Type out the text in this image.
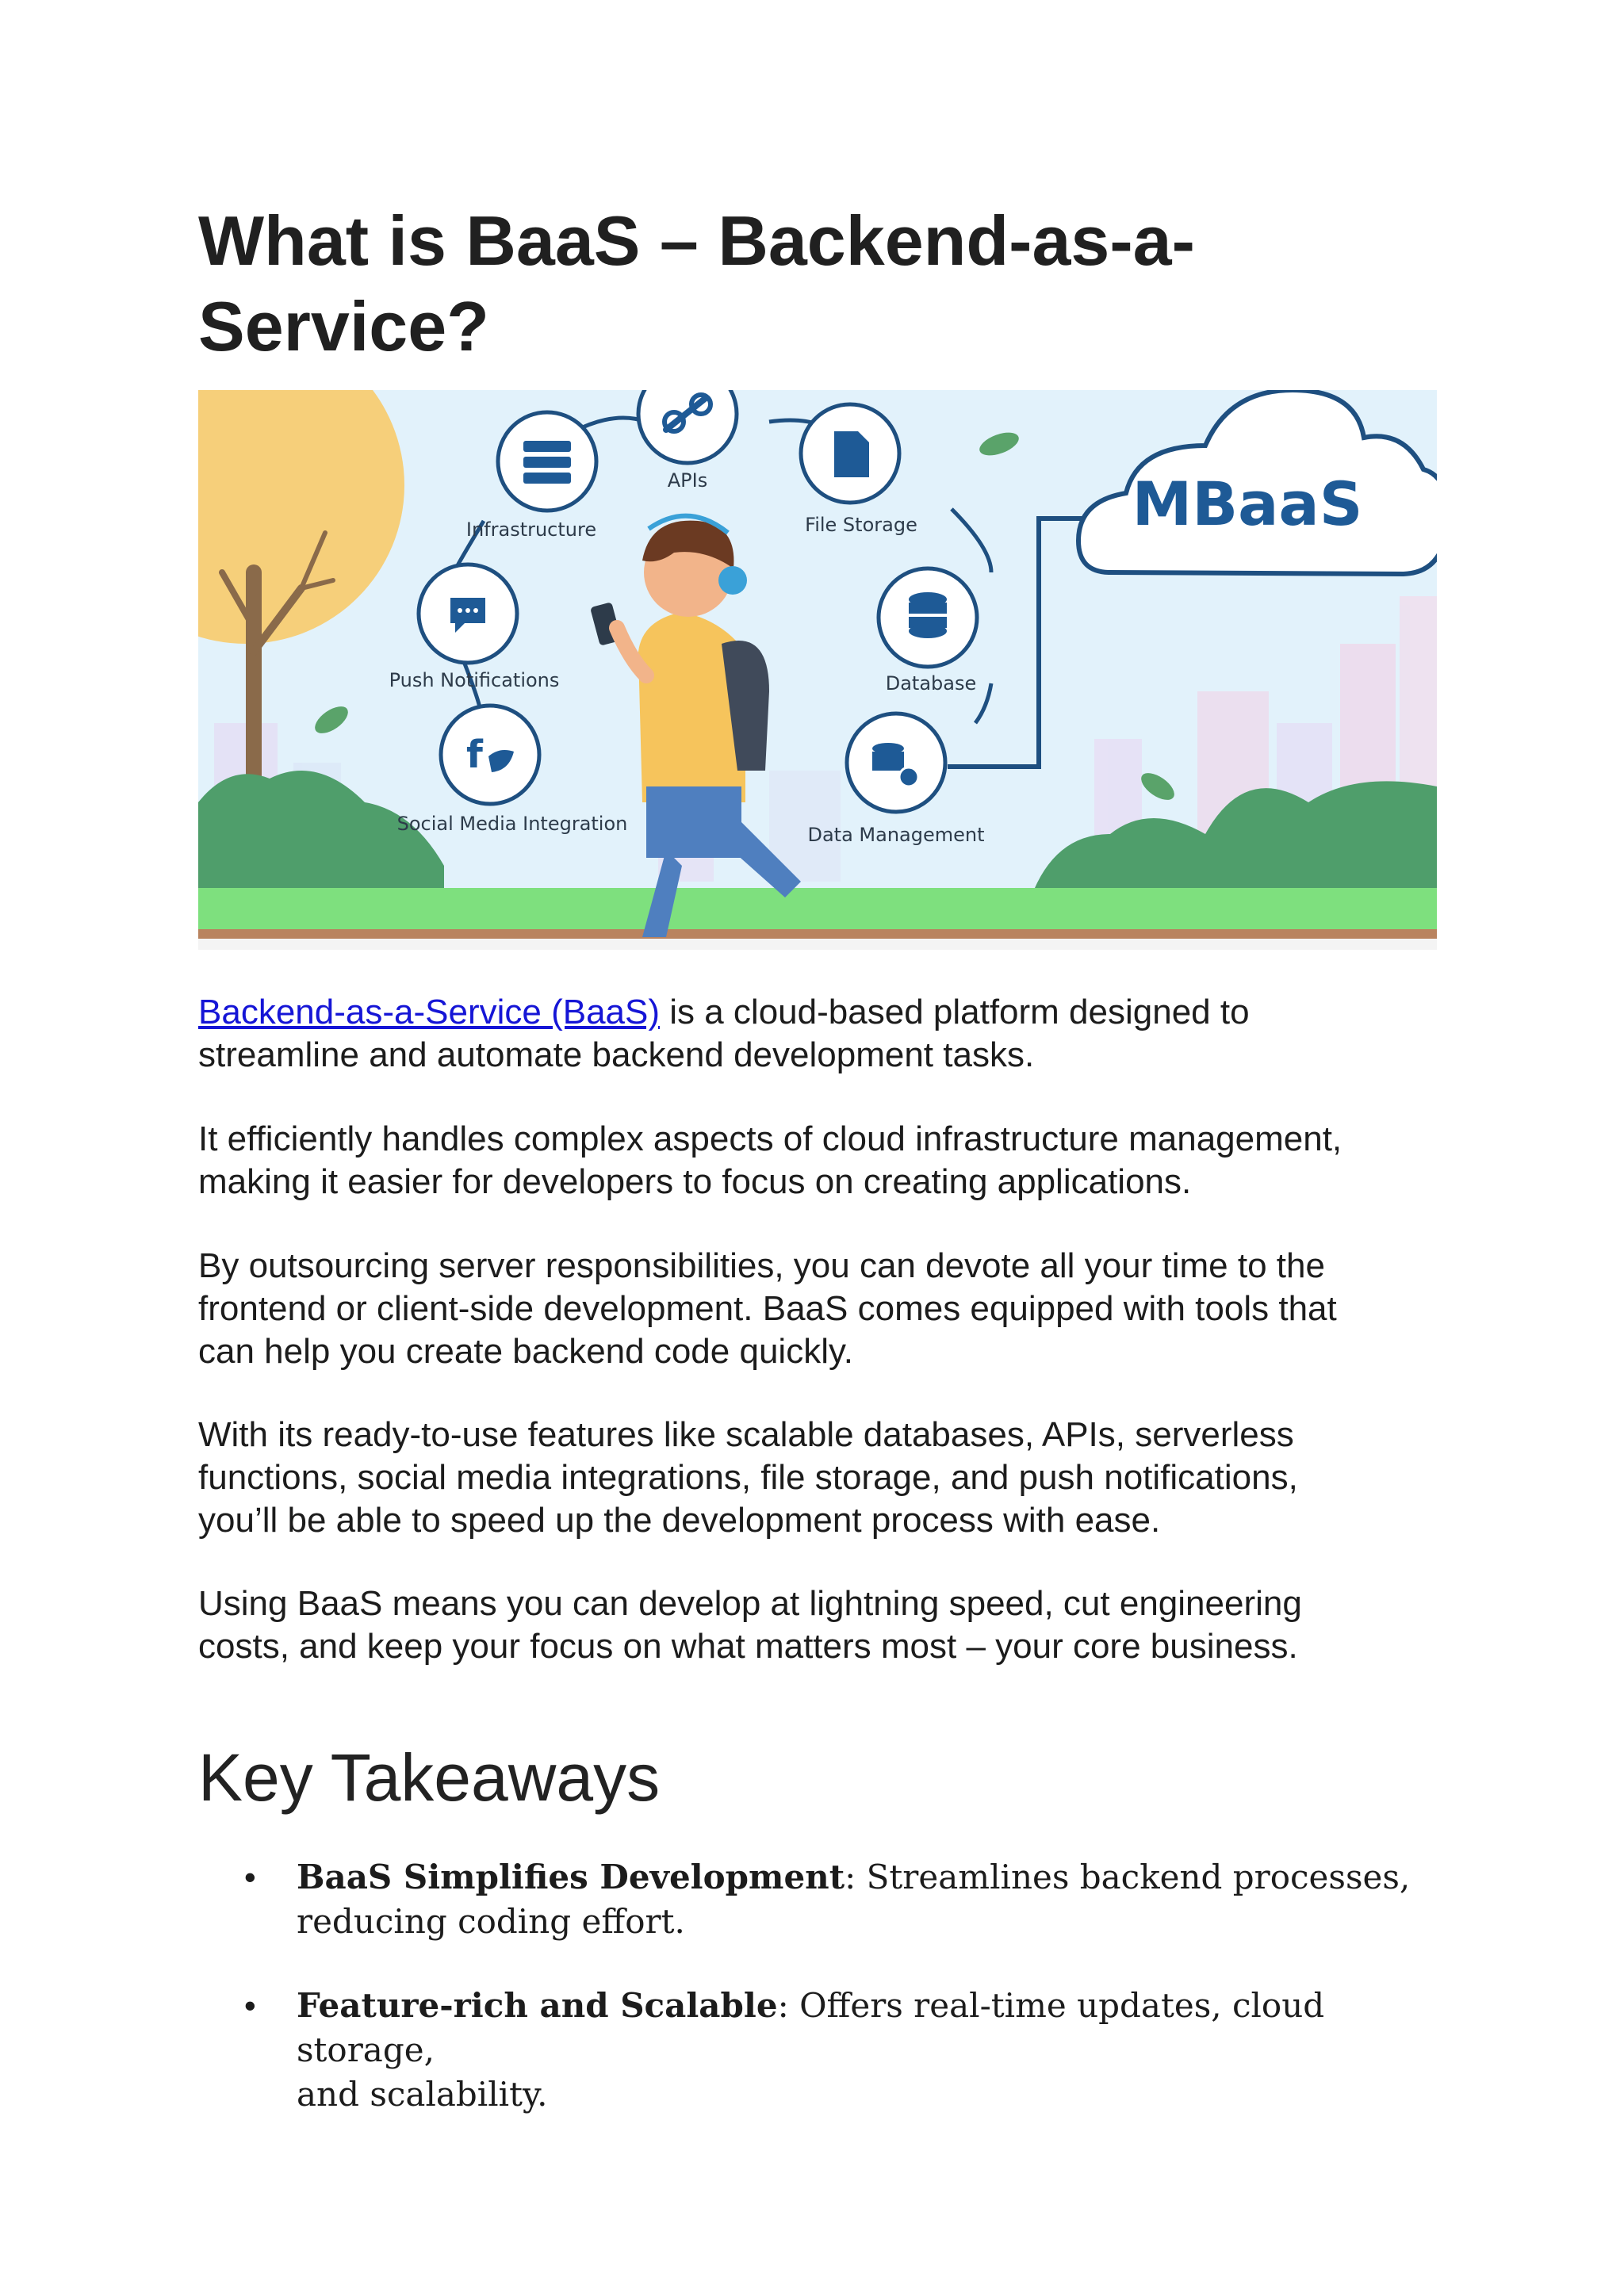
What is BaaS – Backend-as-a-Service?
f
APIs
Infrastructure	File Storage
Push Notifications	Database
Social Media Integration	Data Management
MBaaS

Backend-as-a-Service (BaaS) is a cloud-based platform designed to
streamline and automate backend development tasks.

It efficiently handles complex aspects of cloud infrastructure management,
making it easier for developers to focus on creating applications.

By outsourcing server responsibilities, you can devote all your time to the
frontend or client-side development. BaaS comes equipped with tools that
can help you create backend code quickly.

With its ready-to-use features like scalable databases, APIs, serverless
functions, social media integrations, file storage, and push notifications,
you’ll be able to speed up the development process with ease.

Using BaaS means you can develop at lightning speed, cut engineering
costs, and keep your focus on what matters most – your core business.

Key Takeaways
• BaaS Simplifies Development: Streamlines backend processes,
reducing coding effort.
• Feature-rich and Scalable: Offers real-time updates, cloud storage,
and scalability.
